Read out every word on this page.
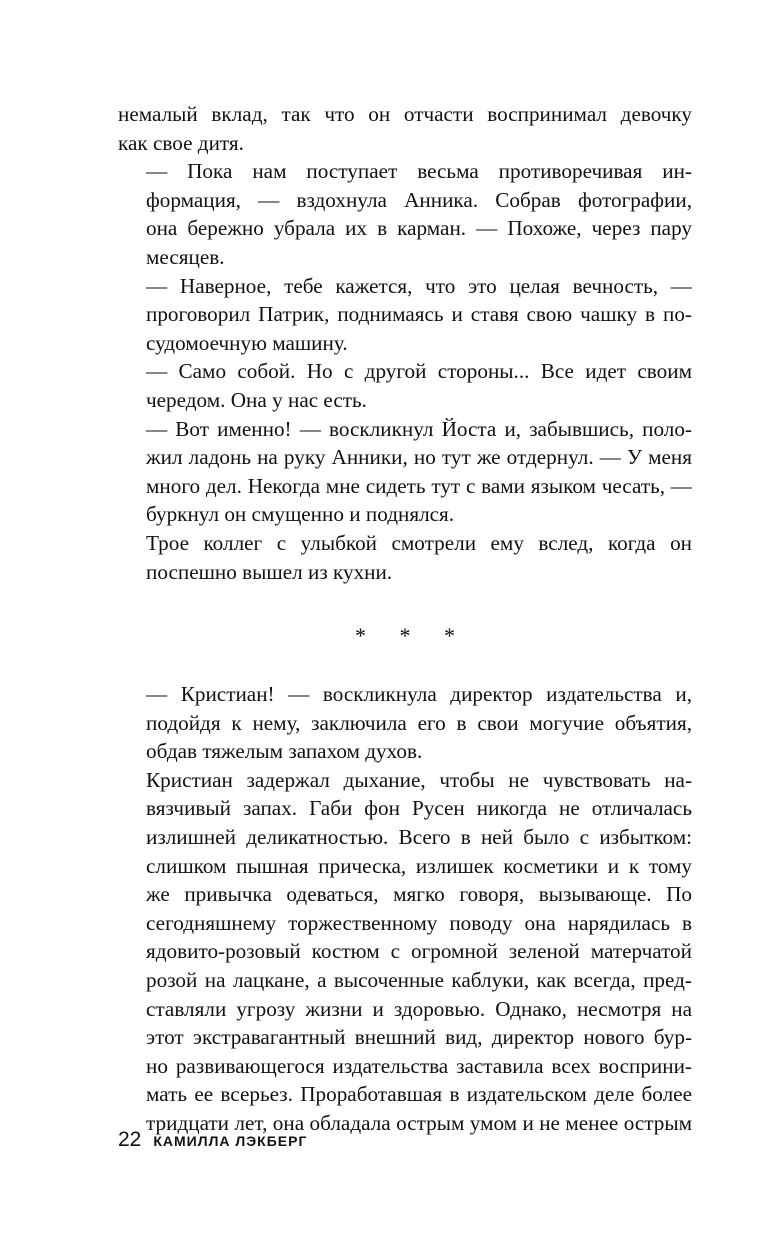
немалый вклад, так что он отчасти воспринимал девочку
как свое дитя.

— Пока нам поступает весьма противоречивая ин-
формация, — вздохнула Анника. Собрав фотографии,
она бережно убрала их в карман. — Похоже, через пару
месяцев.

— Наверное, тебе кажется, что это целая вечность, —
проговорил Патрик, поднимаясь и ставя свою чашку в по-
судомоечную машину.

— Само собой. Но с другой стороны... Все идет своим
чередом. Она у нас есть.

— Вот именно! — воскликнул Йоста и, забывшись, поло-
жил ладонь на руку Анники, но тут же отдернул. — У меня
много дел. Некогда мне сидеть тут с вами языком чесать, —
буркнул он смущенно и поднялся.

Трое коллег с улыбкой смотрели ему вслед, когда он
поспешно вышел из кухни.

* * *

— Кристиан! — воскликнула директор издательства и,
подойдя к нему, заключила его в свои могучие объятия,
обдав тяжелым запахом духов.

Кристиан задержал дыхание, чтобы не чувствовать на-
вязчивый запах. Габи фон Русен никогда не отличалась
излишней деликатностью. Всего в ней было с избытком:
слишком пышная прическа, излишек косметики и к тому
же привычка одеваться, мягко говоря, вызывающе. По
сегодняшнему торжественному поводу она нарядилась в
ядовито-розовый костюм с огромной зеленой матерчатой
розой на лацкане, а высоченные каблуки, как всегда, пред-
ставляли угрозу жизни и здоровью. Однако, несмотря на
этот экстравагантный внешний вид, директор нового бур-
но развивающегося издательства заставила всех восприни-
мать ее всерьез. Проработавшая в издательском деле более
тридцати лет, она обладала острым умом и не менее острым

22 КАМИЛЛА ЛЭКБЕРГ
